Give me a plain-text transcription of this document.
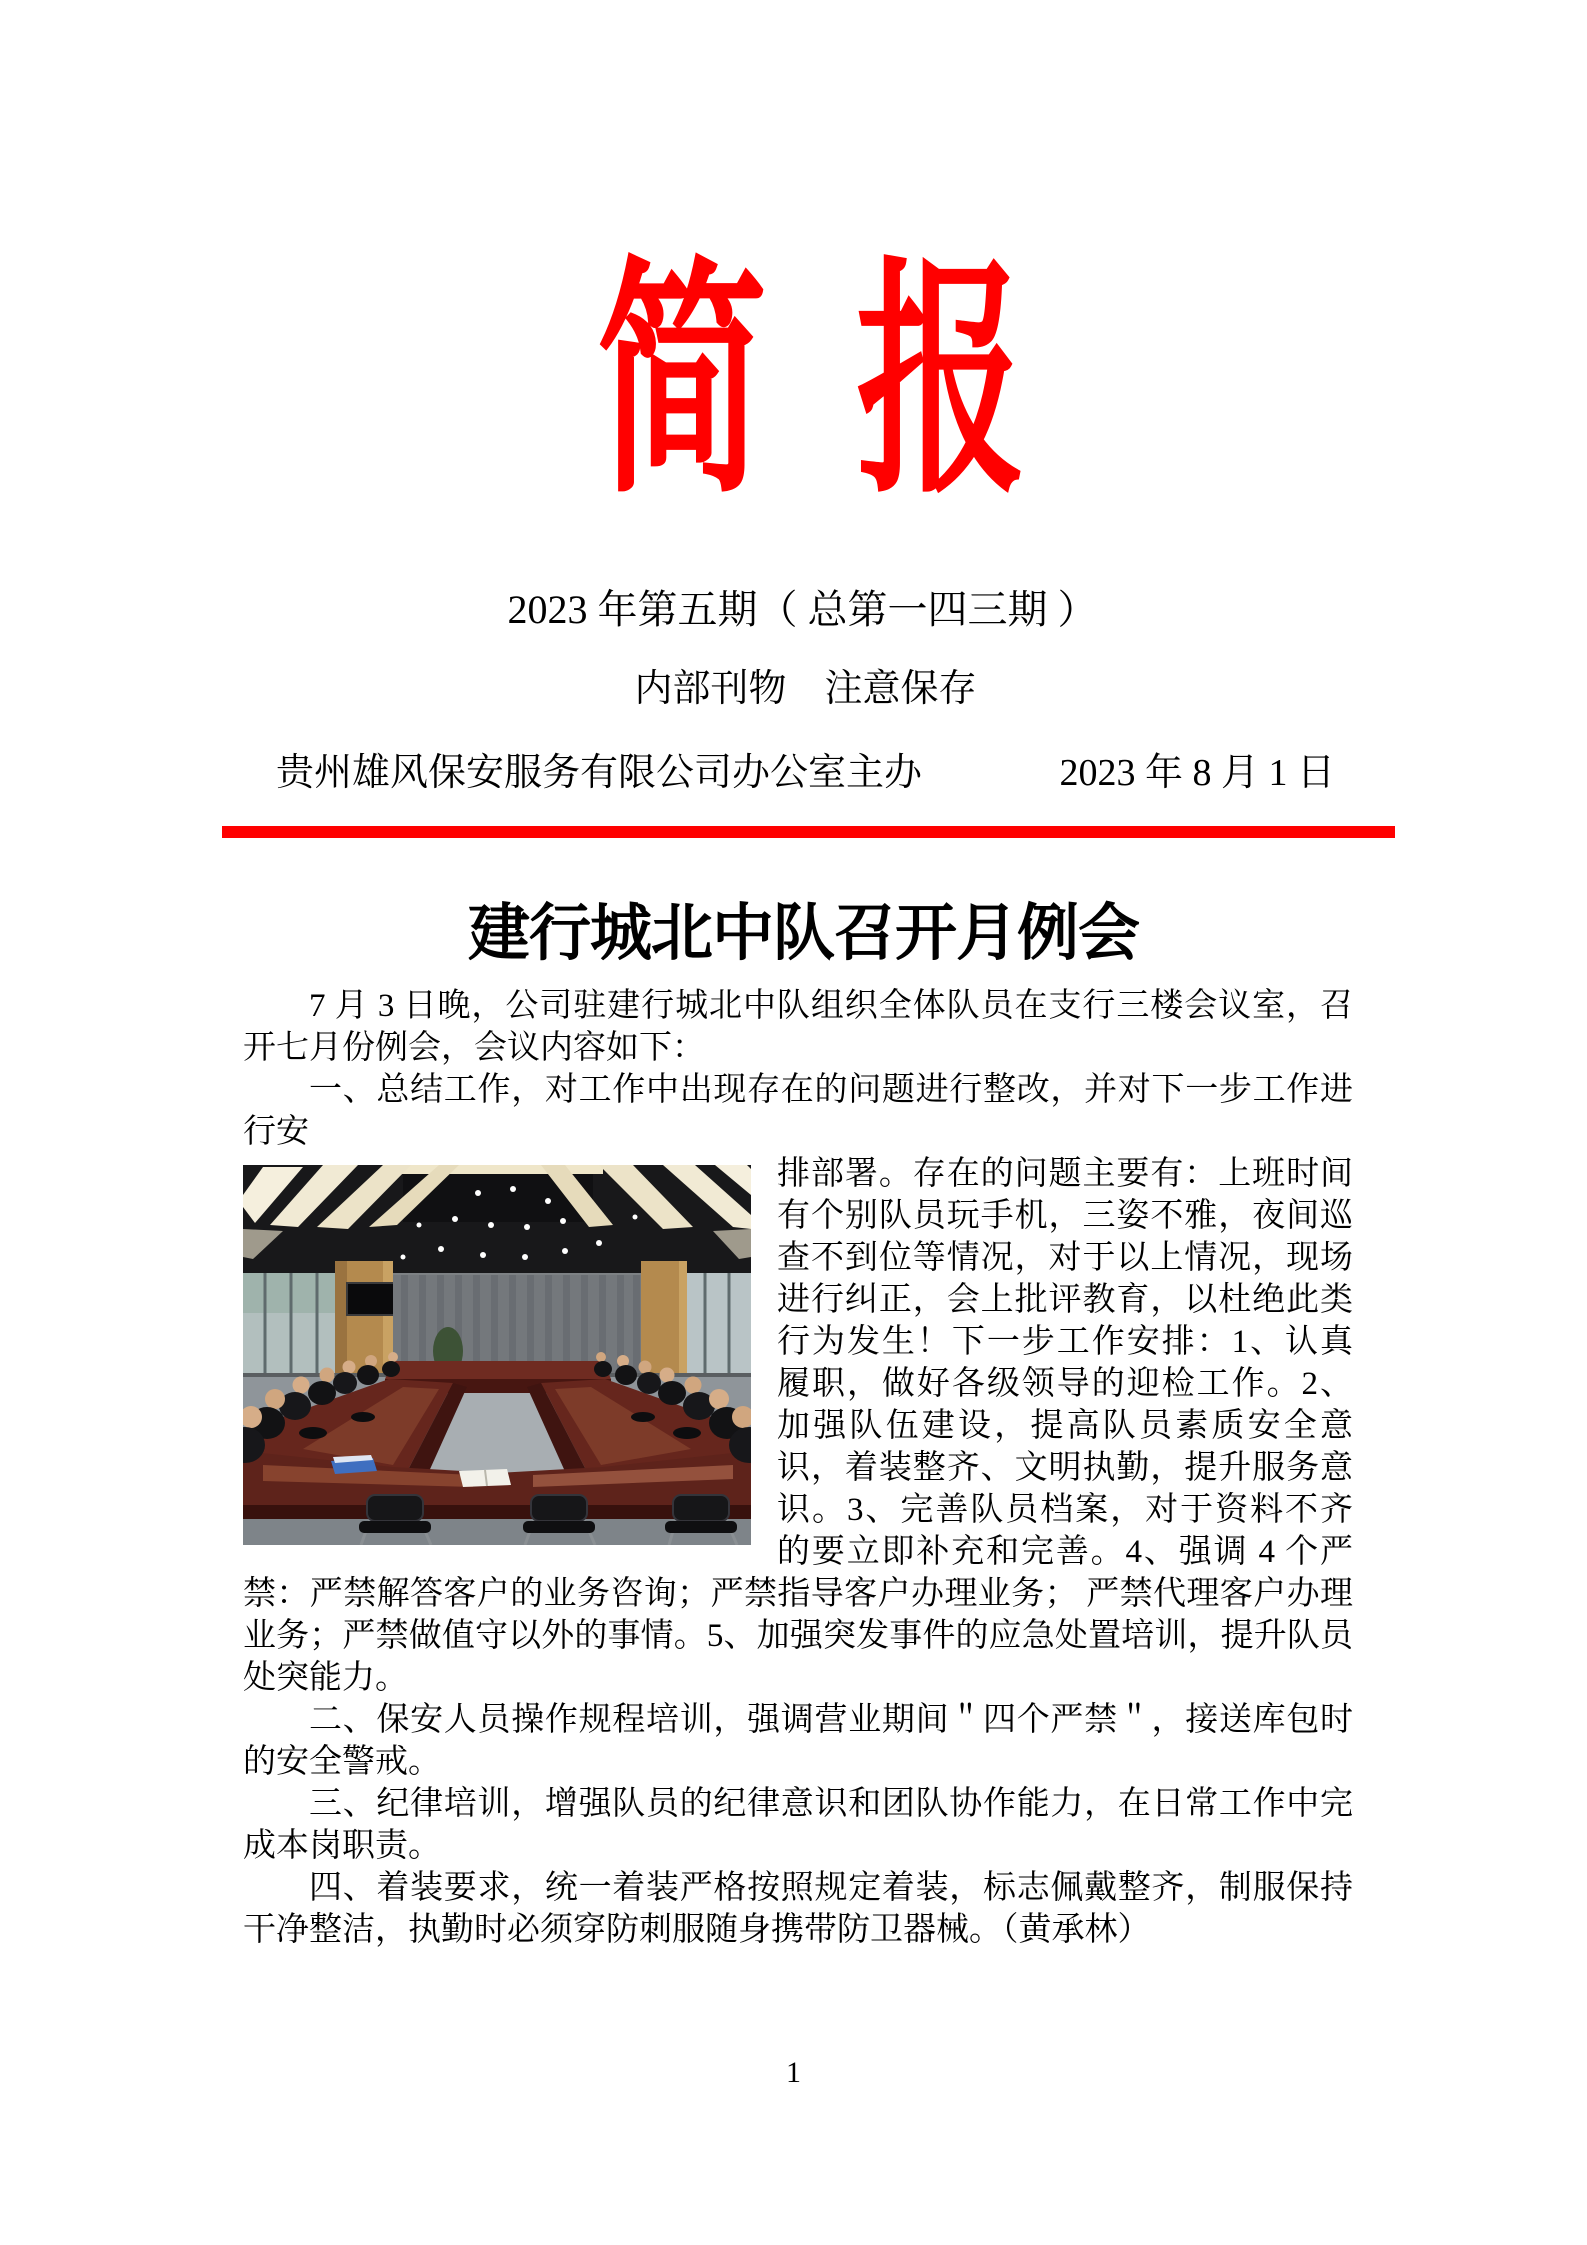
简 报
2023 年第五期（ 总第一四三期 ）
内部刊物　注意保存
贵州雄风保安服务有限公司办公室主办	2023 年 8 月 1 日
建行城北中队召开月例会

7 月 3 日晚，公司驻建行城北中队组织全体队员在支行三楼会议室，召开七月份例会，会议内容如下：

一、总结工作，对工作中出现存在的问题进行整改，并对下一步工作进行安

排部署。存在的问题主要有：上班时间有个别队员玩手机，三姿不雅，夜间巡查不到位等情况，对于以上情况，现场进行纠正，会上批评教育，以杜绝此类行为发生！下一步工作安排：1、认真履职，做好各级领导的迎检工作。2、加强队伍建设，提高队员素质安全意识，着装整齐、文明执勤，提升服务意识。3、完善队员档案，对于资料不齐的要立即补充和完善。4、强调 4 个严禁：严禁解答客户的业务咨询；严禁指导客户办理业务； 严禁代理客户办理业务；严禁做值守以外的事情。5、加强突发事件的应急处置培训，提升队员处突能力。

二、保安人员操作规程培训，强调营业期间＂四个严禁＂，接送库包时的安全警戒。

三、纪律培训，增强队员的纪律意识和团队协作能力，在日常工作中完成本岗职责。

四、着装要求，统一着装严格按照规定着装，标志佩戴整齐，制服保持干净整洁，执勤时必须穿防刺服随身携带防卫器械。（黄承林）

1
